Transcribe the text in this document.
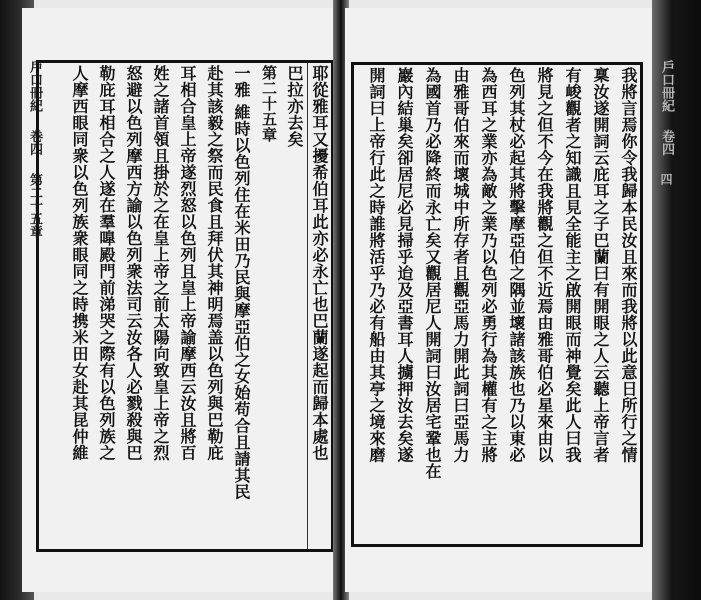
戶口冊紀　 卷四　 第二十五章	耶從雅耳又擾希伯耳此亦必永亡也巴蘭遂起而歸本處也
巴拉亦去矣
第二十五章
一雅 維時以色列住在米田乃民與摩亞伯之女始苟合且請其民
赴其該毅之祭而民食且拜伏其神明焉盖以色列與巴勒庇
耳相合皇上帝遂烈怒以色列且皇上帝諭摩西云汝且將百
姓之諸首領且掛於之在皇上帝之前太陽向致皇上帝之烈
怒避以色列摩西方諭以色列衆法司云汝各人必戮殺與巴
勒庇耳相合之人遂在羣嘷殿門前涕哭之際有以色列族之
人摩西眼同衆以色列族衆眼同之時携米田女赴其昆仲維	我將言焉你令我歸本民汝且來而我將以此意日所行之情
稟汝遂開詞云庇耳之子巴蘭曰有開眼之人云聽上帝言者
有峻觀者之知識且見全能主之啟開眼而神覺矣此人曰我
將見之但不今在我將觀之但不近焉由雅哥伯必星來由以
色列其杖必起其將擊摩亞伯之隅並壞諸該族也乃以東必
為西耳之業亦為敵之業乃以色列必勇行為其權有之主將
由雅哥伯來而壞城中所存者且觀亞馬力開此詞曰亞馬力
為國首乃必降終而永亡矣又觀居尼人開詞曰汝居宅鞏也在
巖內結巢矣卻居尼必見掃乎迨及亞書耳人擄押汝去矣遂
開詞曰上帝行此之時誰將活乎乃必有船由其亭之境來磨	戶口冊紀　 卷四　 四
